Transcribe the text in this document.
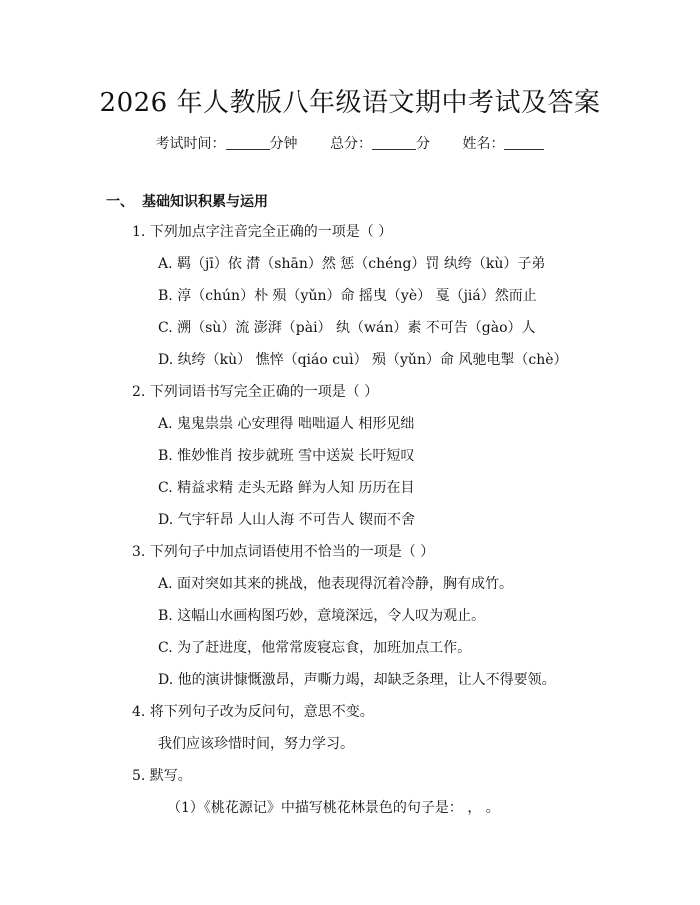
2026 年人教版八年级语文期中考试及答案
考试时间：	分钟 总分：	分 姓名：
一、 基础知识积累与运用
1. 下列加点字注音完全正确的一项是（ ）
A. 羁（jī）依 潸（shān）然 惩（chéng）罚 纨绔（kù）子弟
B. 淳（chún）朴 殒（yǔn）命 摇曳（yè） 戛（jiá）然而止
C. 溯（sù）流 澎湃（pài） 纨（wán）素 不可告（gào）人
D. 纨绔（kù） 憔悴（qiáo cuì） 殒（yǔn）命 风驰电掣（chè）
2. 下列词语书写完全正确的一项是（ ）
A. 鬼鬼祟祟 心安理得 咄咄逼人 相形见绌
B. 惟妙惟肖 按步就班 雪中送炭 长吁短叹
C. 精益求精 走头无路 鲜为人知 历历在目
D. 气宇轩昂 人山人海 不可告人 锲而不舍
3. 下列句子中加点词语使用不恰当的一项是（ ）
A. 面对突如其来的挑战，他表现得沉着冷静，胸有成竹。
B. 这幅山水画构图巧妙，意境深远，令人叹为观止。
C. 为了赶进度，他常常废寝忘食，加班加点工作。
D. 他的演讲慷慨激昂，声嘶力竭，却缺乏条理，让人不得要领。
4. 将下列句子改为反问句，意思不变。
我们应该珍惜时间，努力学习。
5. 默写。
（1）《桃花源记》中描写桃花林景色的句子是： ， 。
